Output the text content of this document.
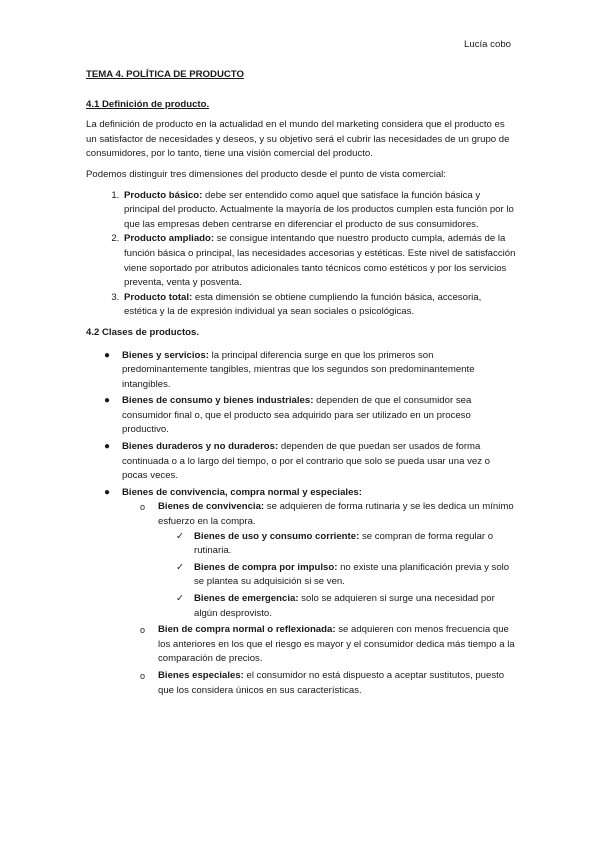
Lucía cobo
TEMA 4. POLÍTICA DE PRODUCTO
4.1 Definición de producto.

La definición de producto en la actualidad en el mundo del marketing considera que el producto es un satisfactor de necesidades y deseos, y su objetivo será el cubrir las necesidades de un grupo de consumidores, por lo tanto, tiene una visión comercial del producto.

Podemos distinguir tres dimensiones del producto desde el punto de vista comercial:

1. Producto básico: debe ser entendido como aquel que satisface la función básica y principal del producto. Actualmente la mayoría de los productos cumplen esta función por lo que las empresas deben centrarse en diferenciar el producto de sus consumidores.
2. Producto ampliado: se consigue intentando que nuestro producto cumpla, además de la función básica o principal, las necesidades accesorias y estéticas. Este nivel de satisfacción viene soportado por atributos adicionales tanto técnicos como estéticos y por los servicios preventa, venta y posventa.
3. Producto total: esta dimensión se obtiene cumpliendo la función básica, accesoria, estética y la de expresión individual ya sean sociales o psicológicas.
4.2 Clases de productos.
● Bienes y servicios: la principal diferencia surge en que los primeros son predominantemente tangibles, mientras que los segundos son predominantemente intangibles.
● Bienes de consumo y bienes industriales: dependen de que el consumidor sea consumidor final o, que el producto sea adquirido para ser utilizado en un proceso productivo.
● Bienes duraderos y no duraderos: dependen de que puedan ser usados de forma continuada o a lo largo del tiempo, o por el contrario que solo se pueda usar una vez o pocas veces.
● Bienes de convivencia, compra normal y especiales:
o Bienes de convivencia: se adquieren de forma rutinaria y se les dedica un mínimo esfuerzo en la compra.
✓ Bienes de uso y consumo corriente: se compran de forma regular o rutinaria.
✓ Bienes de compra por impulso: no existe una planificación previa y solo se plantea su adquisición si se ven.
✓ Bienes de emergencia: solo se adquieren si surge una necesidad por algún desprovisto.
o Bien de compra normal o reflexionada: se adquieren con menos frecuencia que los anteriores en los que el riesgo es mayor y el consumidor dedica más tiempo a la comparación de precios.
o Bienes especiales: el consumidor no está dispuesto a aceptar sustitutos, puesto que los considera únicos en sus características.
